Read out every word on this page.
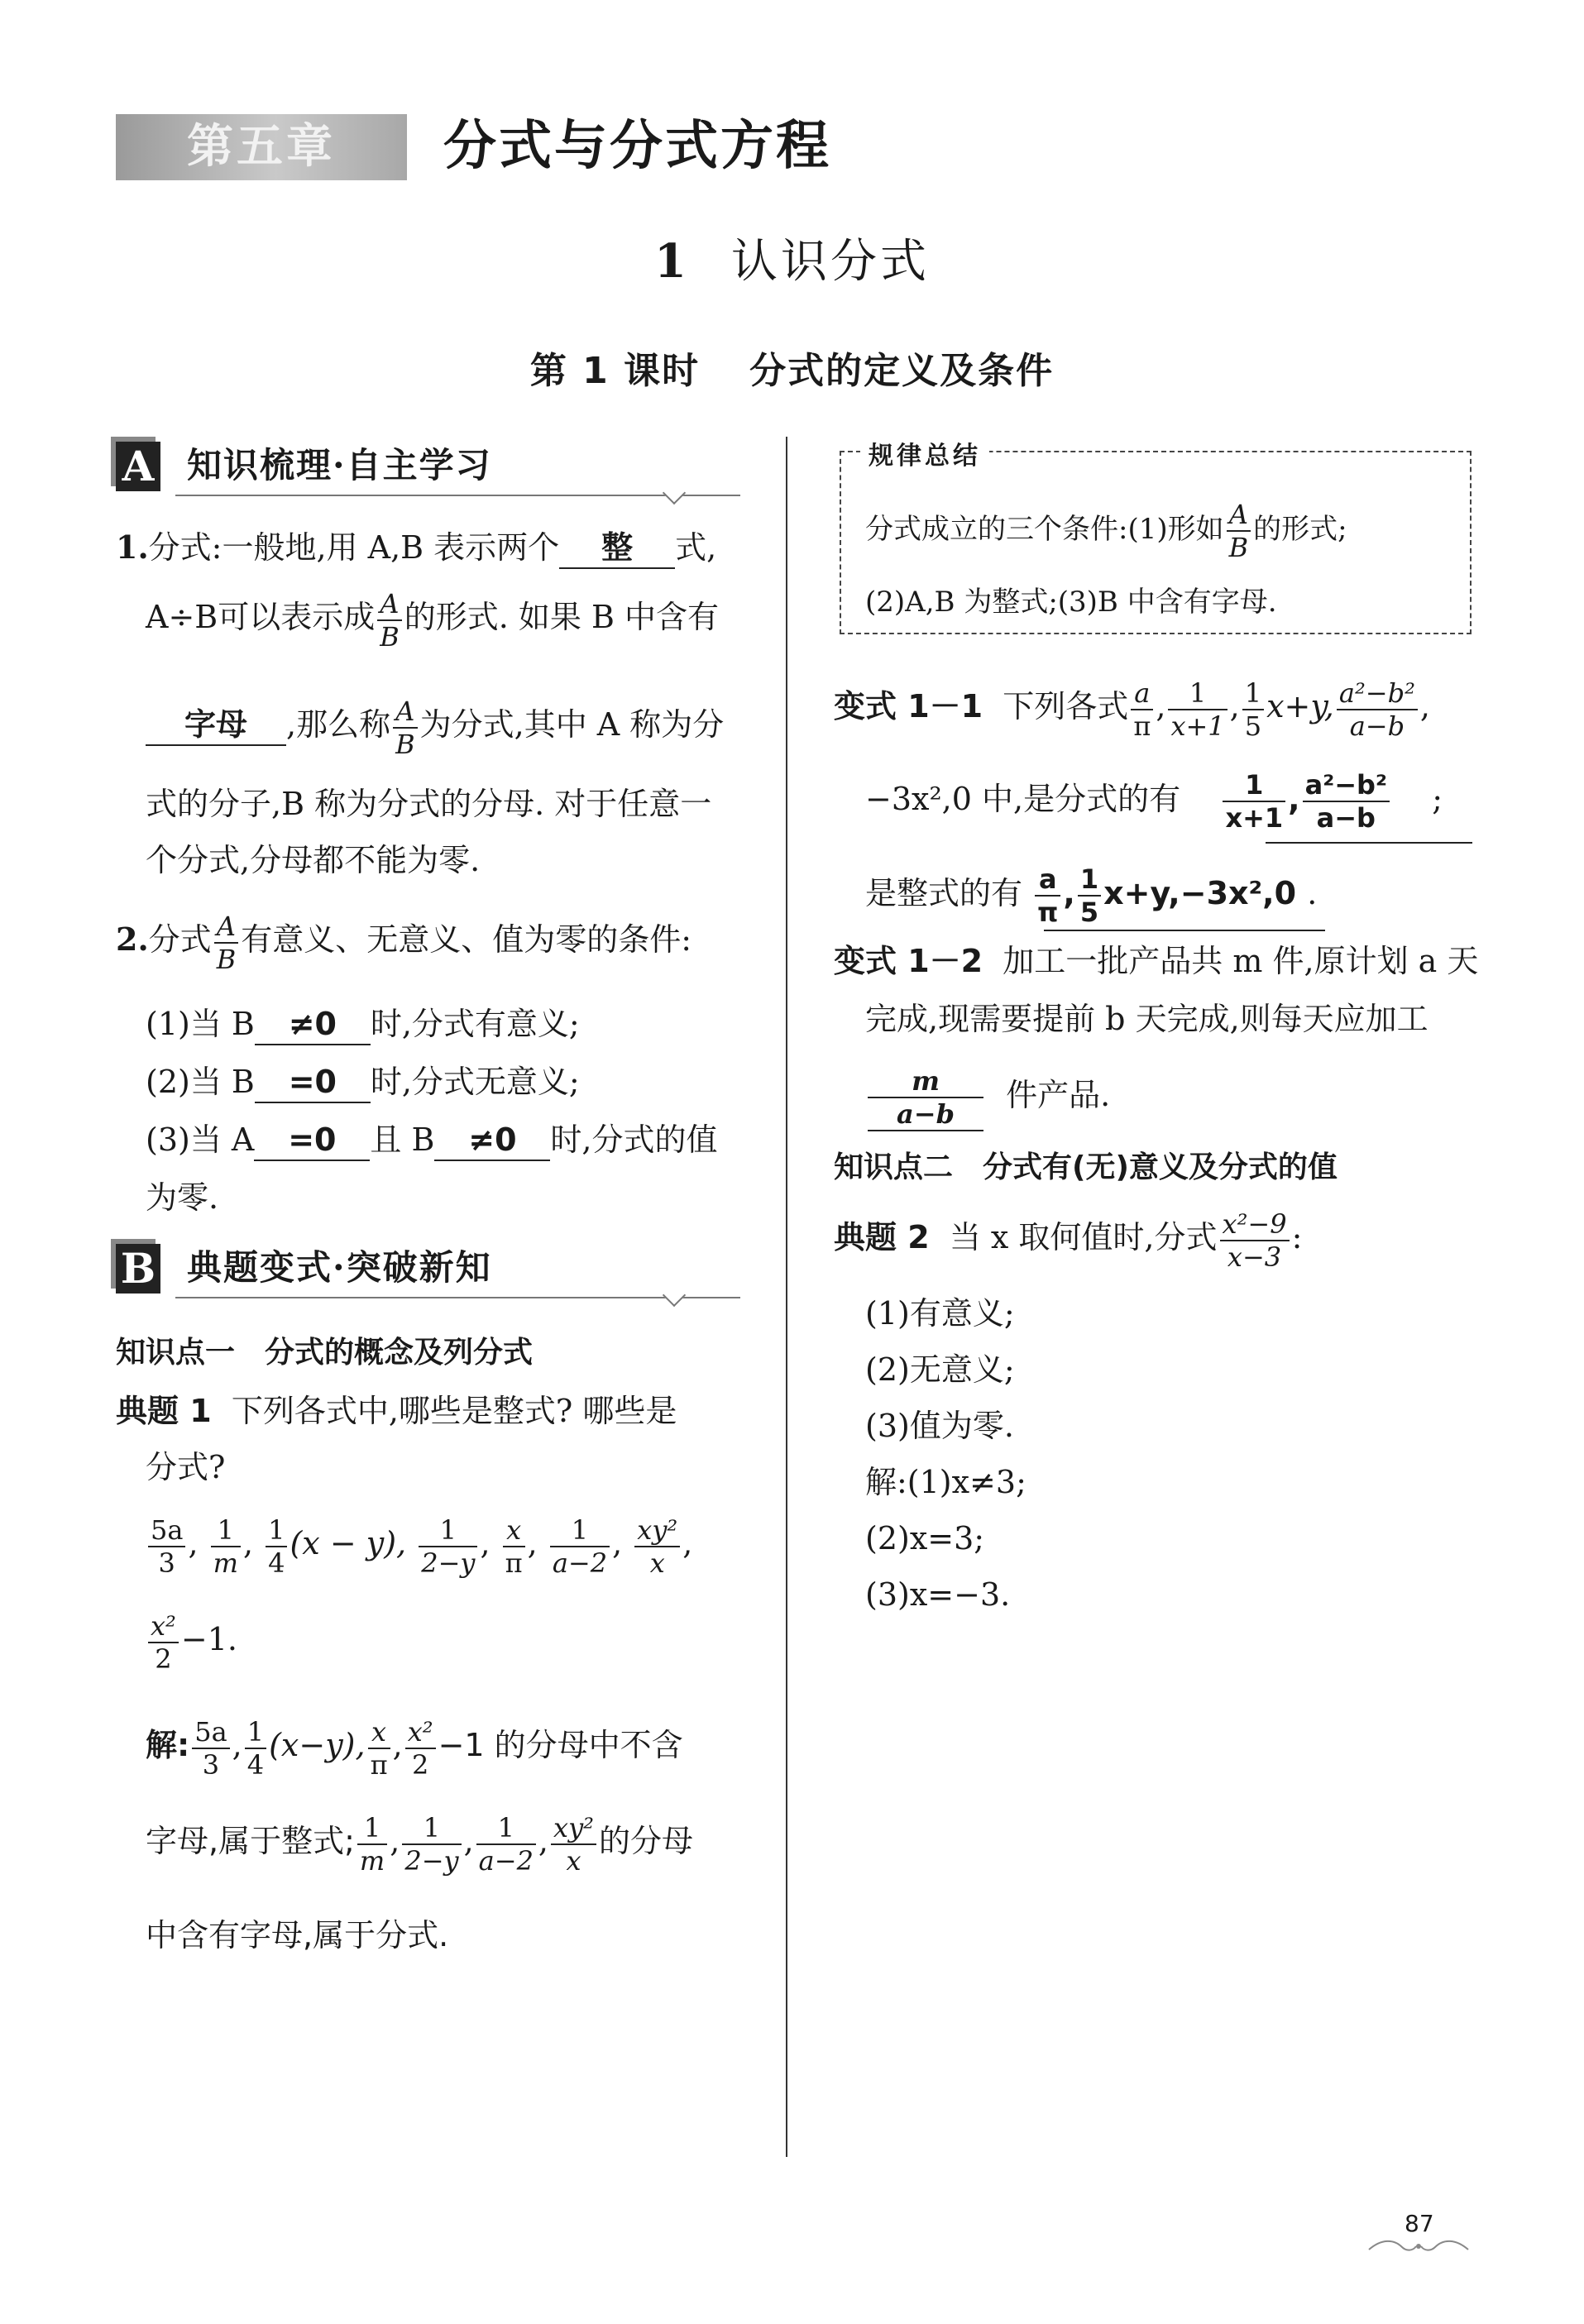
第五章	分式与分式方程
1 认识分式
第 1 课时 分式的定义及条件
A 知识梳理·自主学习
1.分式:一般地,用 A,B 表示两个 整 式,
A÷B可以表示成 $\frac{A}{B}$ 的形式. 如果 B 中含有
字母 ,那么称 $\frac{A}{B}$ 为分式,其中 A 称为分
式的分子,B 称为分式的分母. 对于任意一
个分式,分母都不能为零.
2.分式 $\frac{A}{B}$ 有意义、无意义、值为零的条件:
(1)当 B ≠0 时,分式有意义;
(2)当 B =0 时,分式无意义;
(3)当 A =0 且 B ≠0 时,分式的值
为零.
B 典题变式·突破新知
知识点一　分式的概念及列分式
典题 1 下列各式中,哪些是整式? 哪些是
分式?
$\frac{5a}{3}$ , $\frac{1}{m}$ , $\frac{1}{4} (x - y)$, $\frac{1}{2-y}$ , $\frac{x}{\pi}$ , $\frac{1}{a-2}$ , $\frac{\text{xy²}}{x}$ ,
$\frac{\text{x²}}{2} -1$.
解: $\frac{5a}{3}$ , $\frac{1}{4} (x-y)$, $\frac{x}{\pi}$ , $\frac{\text{x²}}{2} -1$ 的分母中不含
字母,属于整式; $\frac{1}{m}$ , $\frac{1}{2-y}$ , $\frac{1}{a-2}$ , $\frac{\text{xy²}}{x}$ 的分母
中含有字母,属于分式.
规律总结
分式成立的三个条件:(1)形如 $\frac{A}{B}$ 的形式;
(2)A,B 为整式;(3)B 中含有字母.
变式 1－1 下列各式 $\frac{a}{\pi}$ , $\frac{1}{x+1}$ , $\frac{1}{5} x+y$, $\frac{\text{a²−b²}}{a-b}$ ,
−3x²,0 中,是分式的有 $\frac{1}{x+1}$ , $\frac{\text{a²−b²}}{a-b}$ ;
是整式的有 $\frac{a}{\pi}$ , $\frac{1}{5} x+y,-3x^2,0$ .
变式 1－2 加工一批产品共 m 件,原计划 a 天
完成,现需要提前 b 天完成,则每天应加工
$\frac{m}{a-b}$ 件产品.
知识点二　分式有(无)意义及分式的值
典题 2 当 x 取何值时,分式 $\frac{\text{x²−9}}{x-3}$ :
(1)有意义;
(2)无意义;
(3)值为零.
解:(1)x≠3;
(2)x=3;
(3)x=−3.
87
